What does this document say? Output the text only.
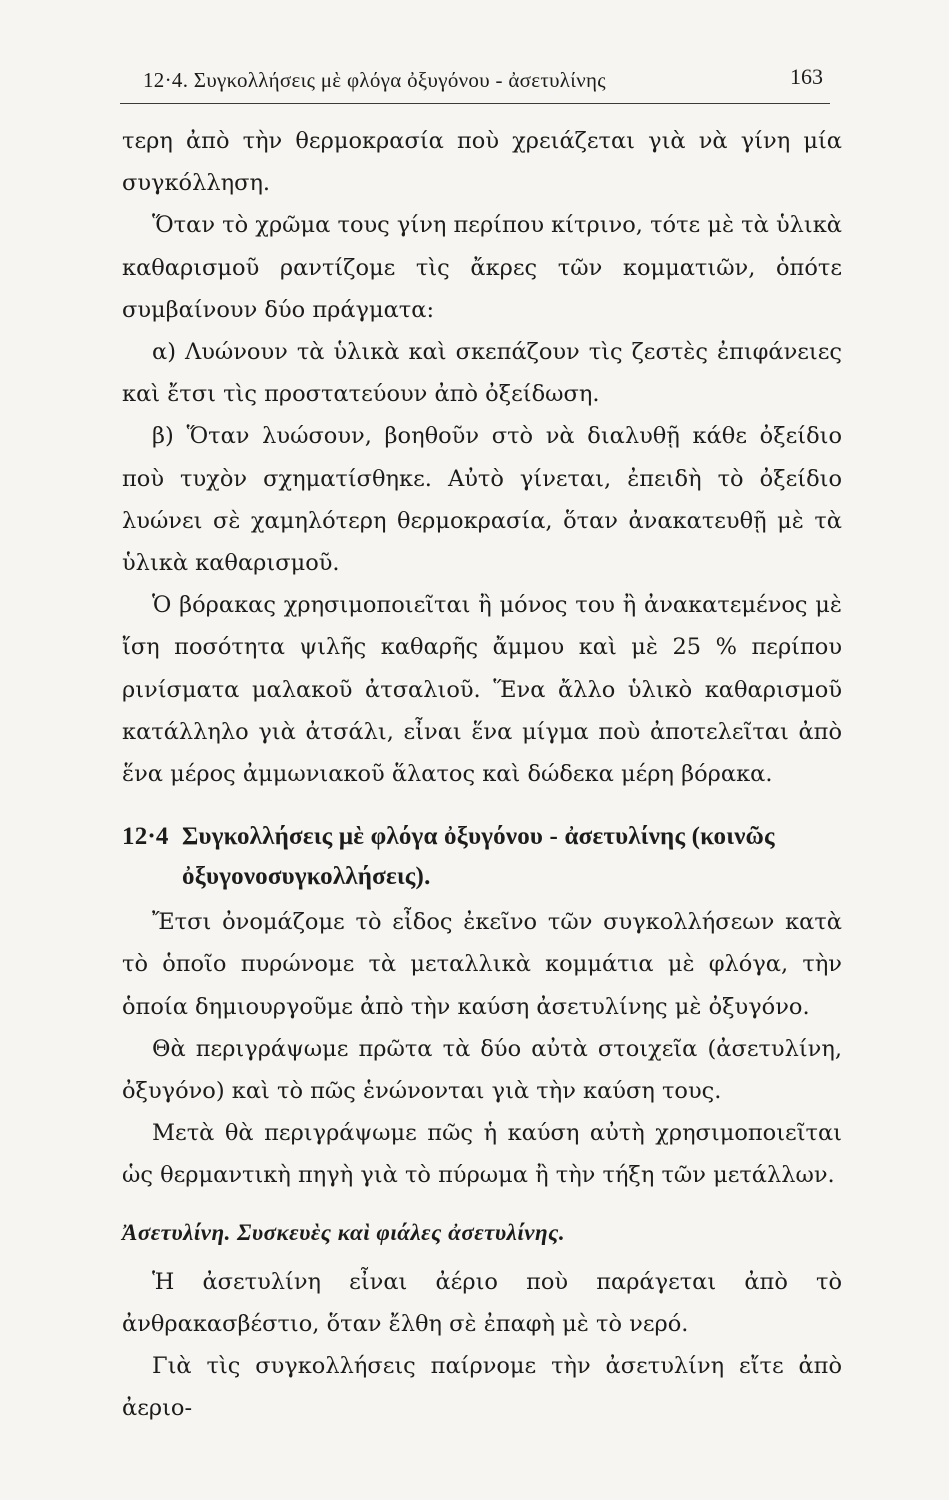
12·4. Συγκολλήσεις μὲ φλόγα ὀξυγόνου - ἀσετυλίνης	163

τερη ἀπὸ τὴν θερμοκρασία ποὺ χρειάζεται γιὰ νὰ γίνη μία συγκόλληση.

Ὅταν τὸ χρῶμα τους γίνη περίπου κίτρινο, τότε μὲ τὰ ὑλικὰ καθαρισμοῦ ραντίζομε τὶς ἄκρες τῶν κομματιῶν, ὁπότε συμβαίνουν δύο πράγματα:

α) Λυώνουν τὰ ὑλικὰ καὶ σκεπάζουν τὶς ζεστὲς ἐπιφάνειες καὶ ἔτσι τὶς προστατεύουν ἀπὸ ὀξείδωση.

β) Ὅταν λυώσουν, βοηθοῦν στὸ νὰ διαλυθῇ κάθε ὀξείδιο ποὺ τυχὸν σχηματίσθηκε. Αὐτὸ γίνεται, ἐπειδὴ τὸ ὀξείδιο λυώνει σὲ χαμηλότερη θερμοκρασία, ὅταν ἀνακατευθῇ μὲ τὰ ὑλικὰ καθαρισμοῦ.

Ὁ βόρακας χρησιμοποιεῖται ἢ μόνος του ἢ ἀνακατεμένος μὲ ἴση ποσότητα ψιλῆς καθαρῆς ἄμμου καὶ μὲ 25 % περίπου ρινίσματα μαλακοῦ ἀτσαλιοῦ. Ἕνα ἄλλο ὑλικὸ καθαρισμοῦ κατάλληλο γιὰ ἀτσάλι, εἶναι ἕνα μίγμα ποὺ ἀποτελεῖται ἀπὸ ἕνα μέρος ἀμμωνιακοῦ ἅλατος καὶ δώδεκα μέρη βόρακα.

12·4 Συγκολλήσεις μὲ φλόγα ὀξυγόνου - ἀσετυλίνης (κοινῶς ὀξυγονοσυγκολλήσεις).

Ἔτσι ὀνομάζομε τὸ εἶδος ἐκεῖνο τῶν συγκολλήσεων κατὰ τὸ ὁποῖο πυρώνομε τὰ μεταλλικὰ κομμάτια μὲ φλόγα, τὴν ὁποία δημιουργοῦμε ἀπὸ τὴν καύση ἀσετυλίνης μὲ ὀξυγόνο.

Θὰ περιγράψωμε πρῶτα τὰ δύο αὐτὰ στοιχεῖα (ἀσετυλίνη, ὀξυγόνο) καὶ τὸ πῶς ἑνώνονται γιὰ τὴν καύση τους.

Μετὰ θὰ περιγράψωμε πῶς ἡ καύση αὐτὴ χρησιμοποιεῖται ὡς θερμαντικὴ πηγὴ γιὰ τὸ πύρωμα ἢ τὴν τήξη τῶν μετάλλων.

Ἀσετυλίνη. Συσκευὲς καὶ φιάλες ἀσετυλίνης.

Ἡ ἀσετυλίνη εἶναι ἀέριο ποὺ παράγεται ἀπὸ τὸ ἀνθρακασβέστιο, ὅταν ἔλθη σὲ ἐπαφὴ μὲ τὸ νερό.

Γιὰ τὶς συγκολλήσεις παίρνομε τὴν ἀσετυλίνη εἴτε ἀπὸ ἀεριο-
